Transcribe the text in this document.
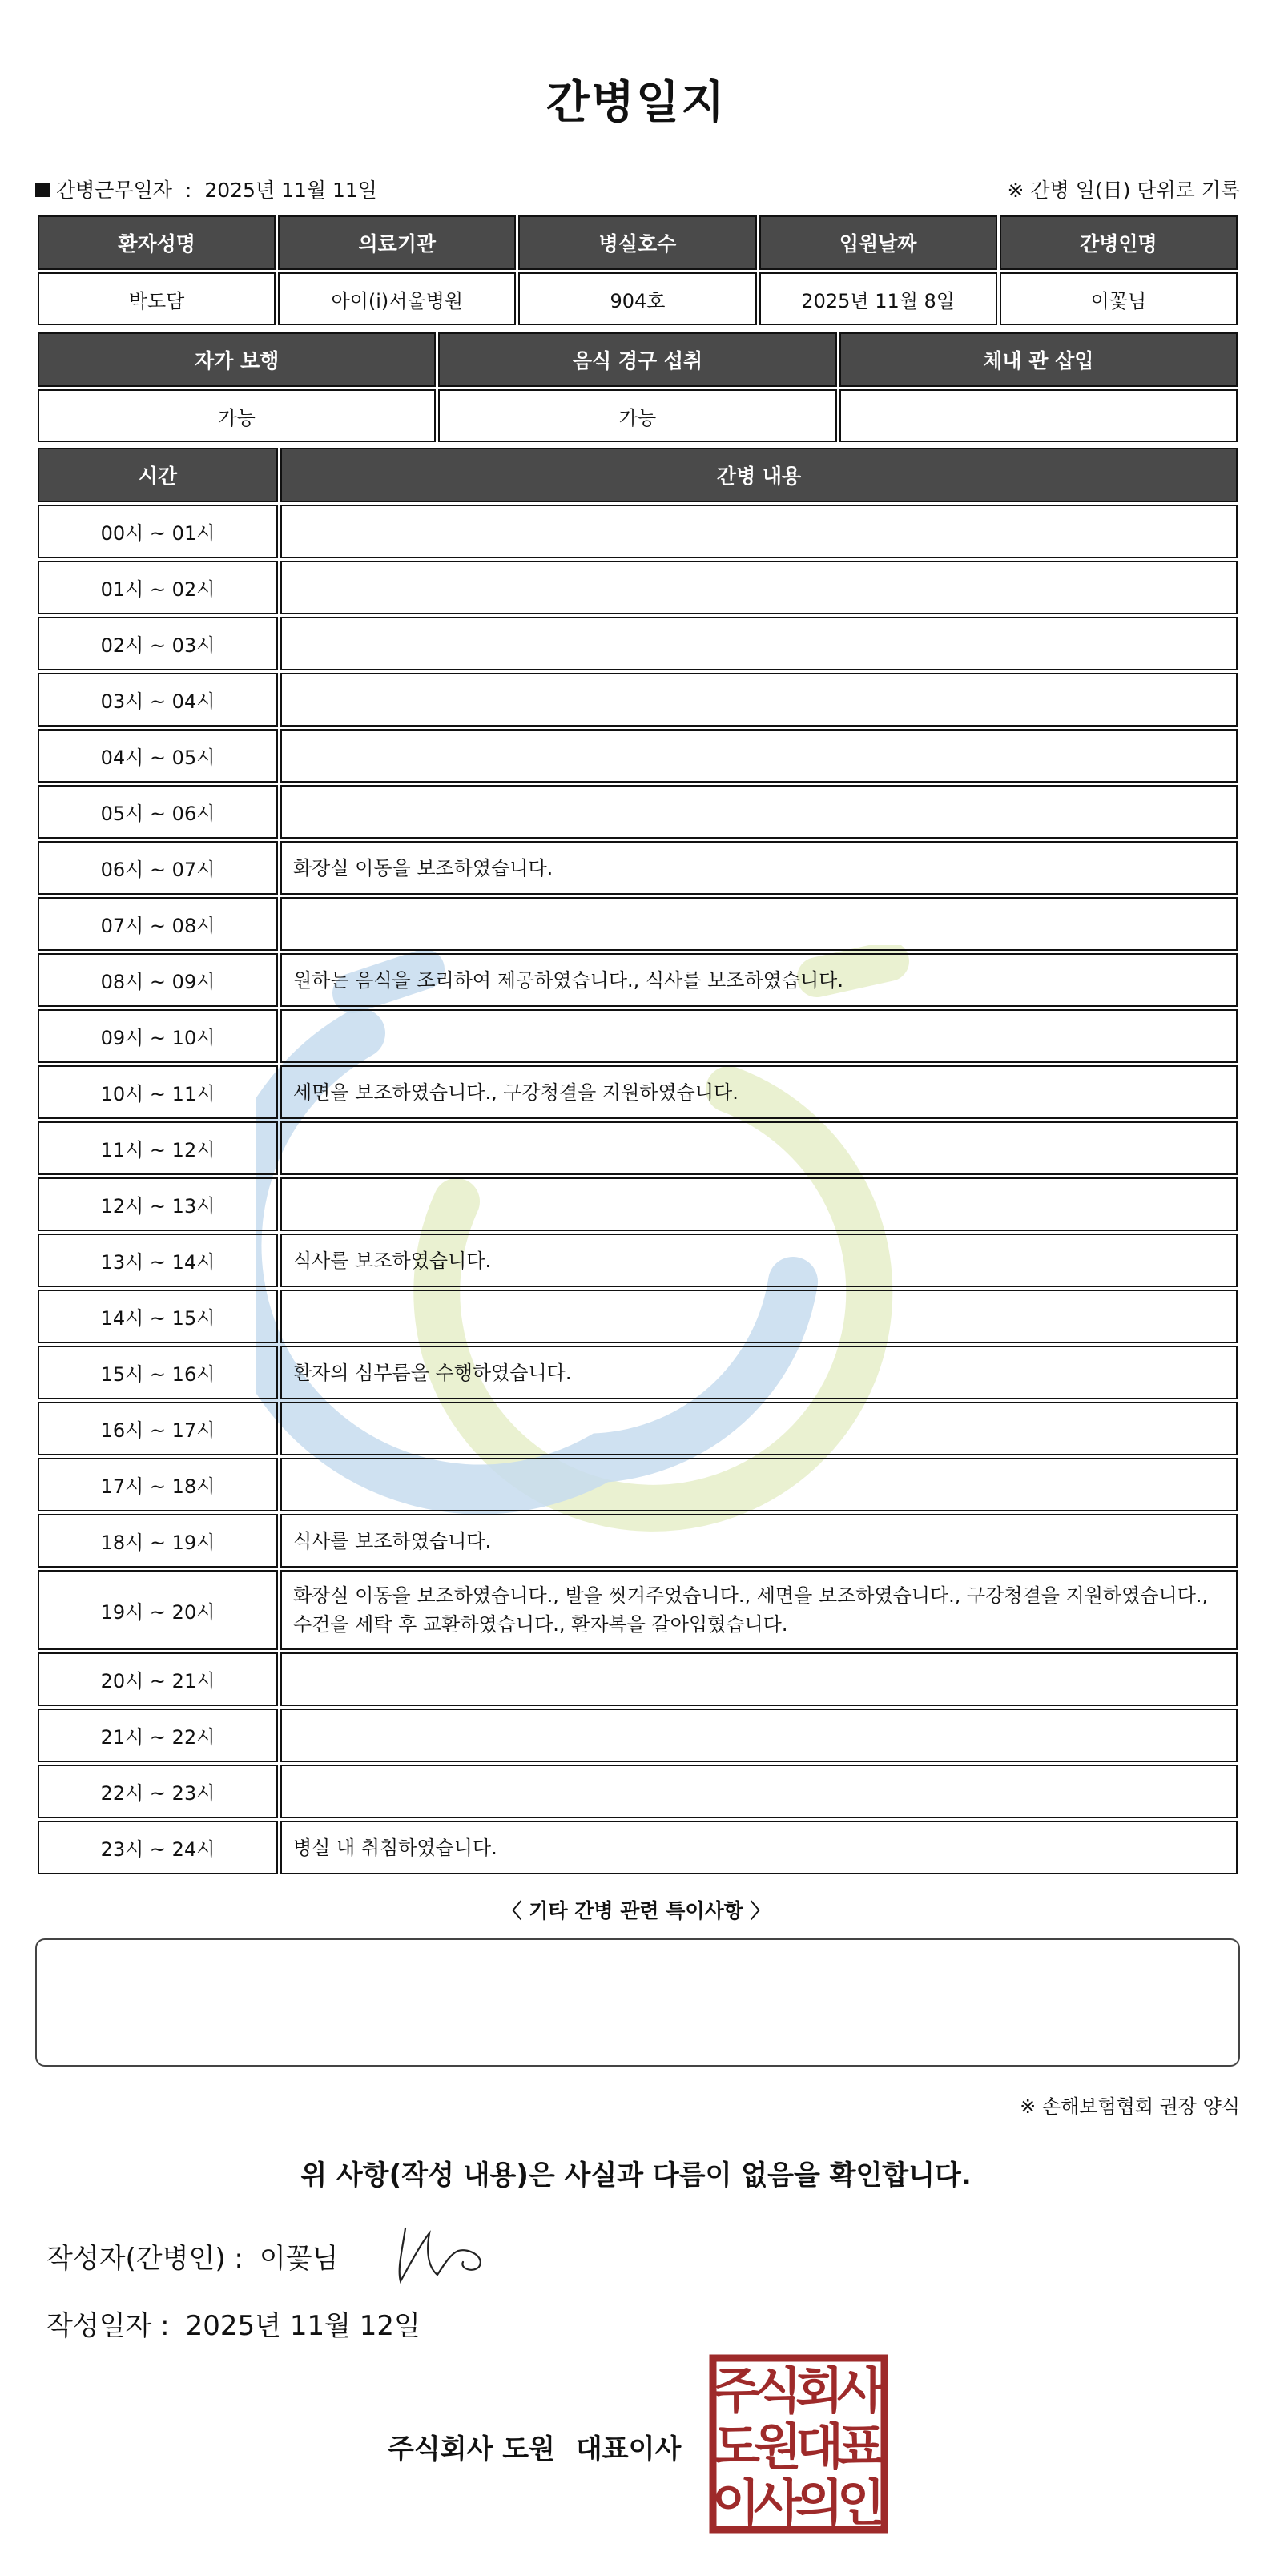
간병일지
간병근무일자 : 2025년 11월 11일	※ 간병 일(日) 단위로 기록
환자성명	의료기관	병실호수	입원날짜	간병인명
박도담	아이(i)서울병원	904호	2025년 11월 8일	이꽃님
자가 보행	음식 경구 섭취	체내 관 삽입
가능	가능	
시간	간병 내용
00시 ~ 01시	
01시 ~ 02시	
02시 ~ 03시	
03시 ~ 04시	
04시 ~ 05시	
05시 ~ 06시	
06시 ~ 07시	화장실 이동을 보조하였습니다.
07시 ~ 08시	
08시 ~ 09시	원하는 음식을 조리하여 제공하였습니다., 식사를 보조하였습니다.
09시 ~ 10시	
10시 ~ 11시	세면을 보조하였습니다., 구강청결을 지원하였습니다.
11시 ~ 12시	
12시 ~ 13시	
13시 ~ 14시	식사를 보조하였습니다.
14시 ~ 15시	
15시 ~ 16시	환자의 심부름을 수행하였습니다.
16시 ~ 17시	
17시 ~ 18시	
18시 ~ 19시	식사를 보조하였습니다.
19시 ~ 20시	화장실 이동을 보조하였습니다., 발을 씻겨주었습니다., 세면을 보조하였습니다., 구강청결을 지원하였습니다., 수건을 세탁 후 교환하였습니다., 환자복을 갈아입혔습니다.
20시 ~ 21시	
21시 ~ 22시	
22시 ~ 23시	
23시 ~ 24시	병실 내 취침하였습니다.
〈 기타 간병 관련 특이사항 〉
※ 손해보험협회 권장 양식
위 사항(작성 내용)은 사실과 다름이 없음을 확인합니다.
작성자(간병인) : 이꽃님
작성일자 : 2025년 11월 12일
주식회사 도원 대표이사
주
식
회
사
도
원
대
표
이
사
의
인
